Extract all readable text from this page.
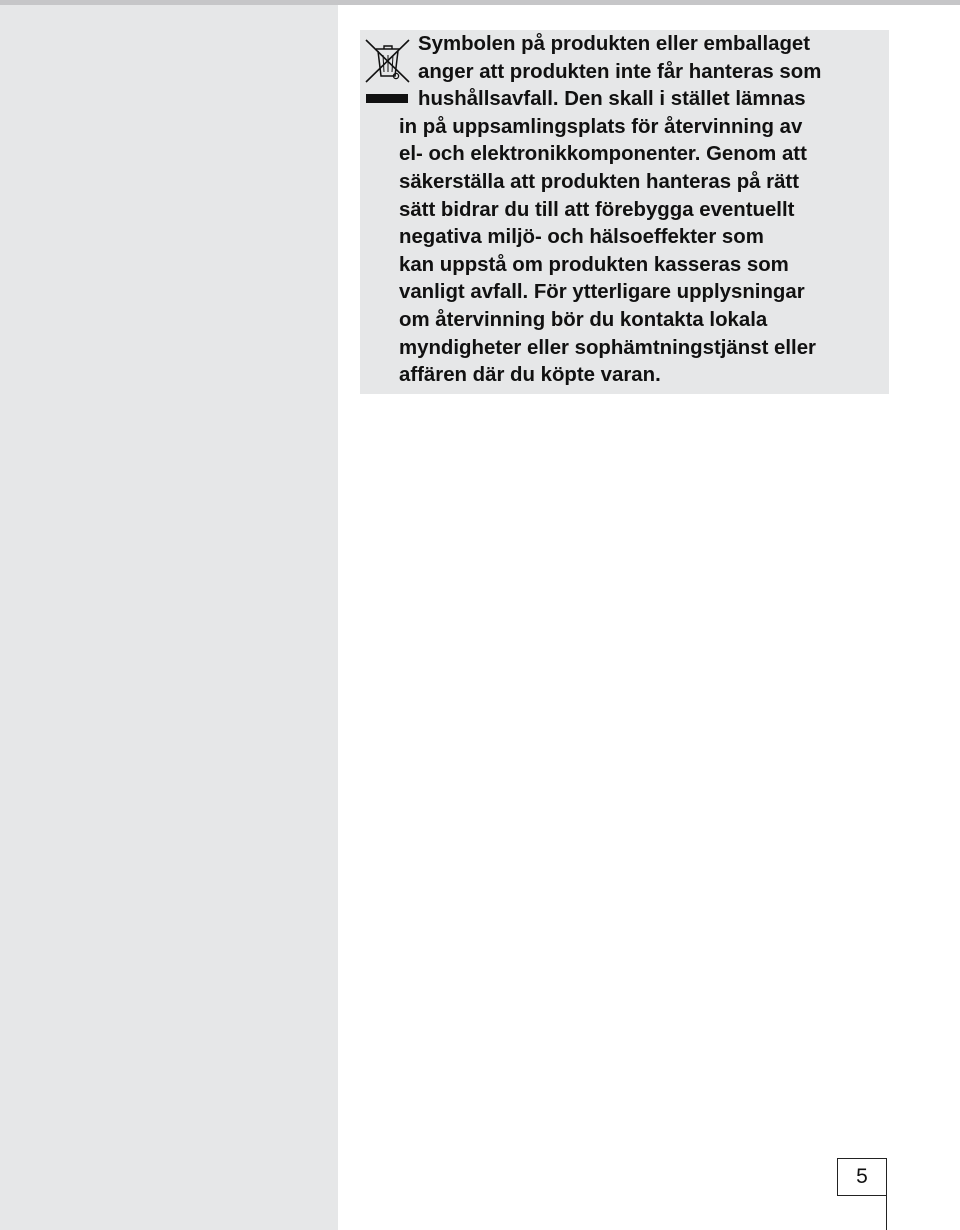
Symbolen på produkten eller emballaget
anger att produkten inte får hanteras som
hushållsavfall. Den skall i stället lämnas
in på uppsamlingsplats för återvinning av
el- och elektronikkomponenter. Genom att
säkerställa att produkten hanteras på rätt
sätt bidrar du till att förebygga eventuellt
negativa miljö- och hälsoeffekter som
kan uppstå om produkten kasseras som
vanligt avfall. För ytterligare upplysningar
om återvinning bör du kontakta lokala
myndigheter eller sophämtningstjänst eller
affären där du köpte varan.

5
